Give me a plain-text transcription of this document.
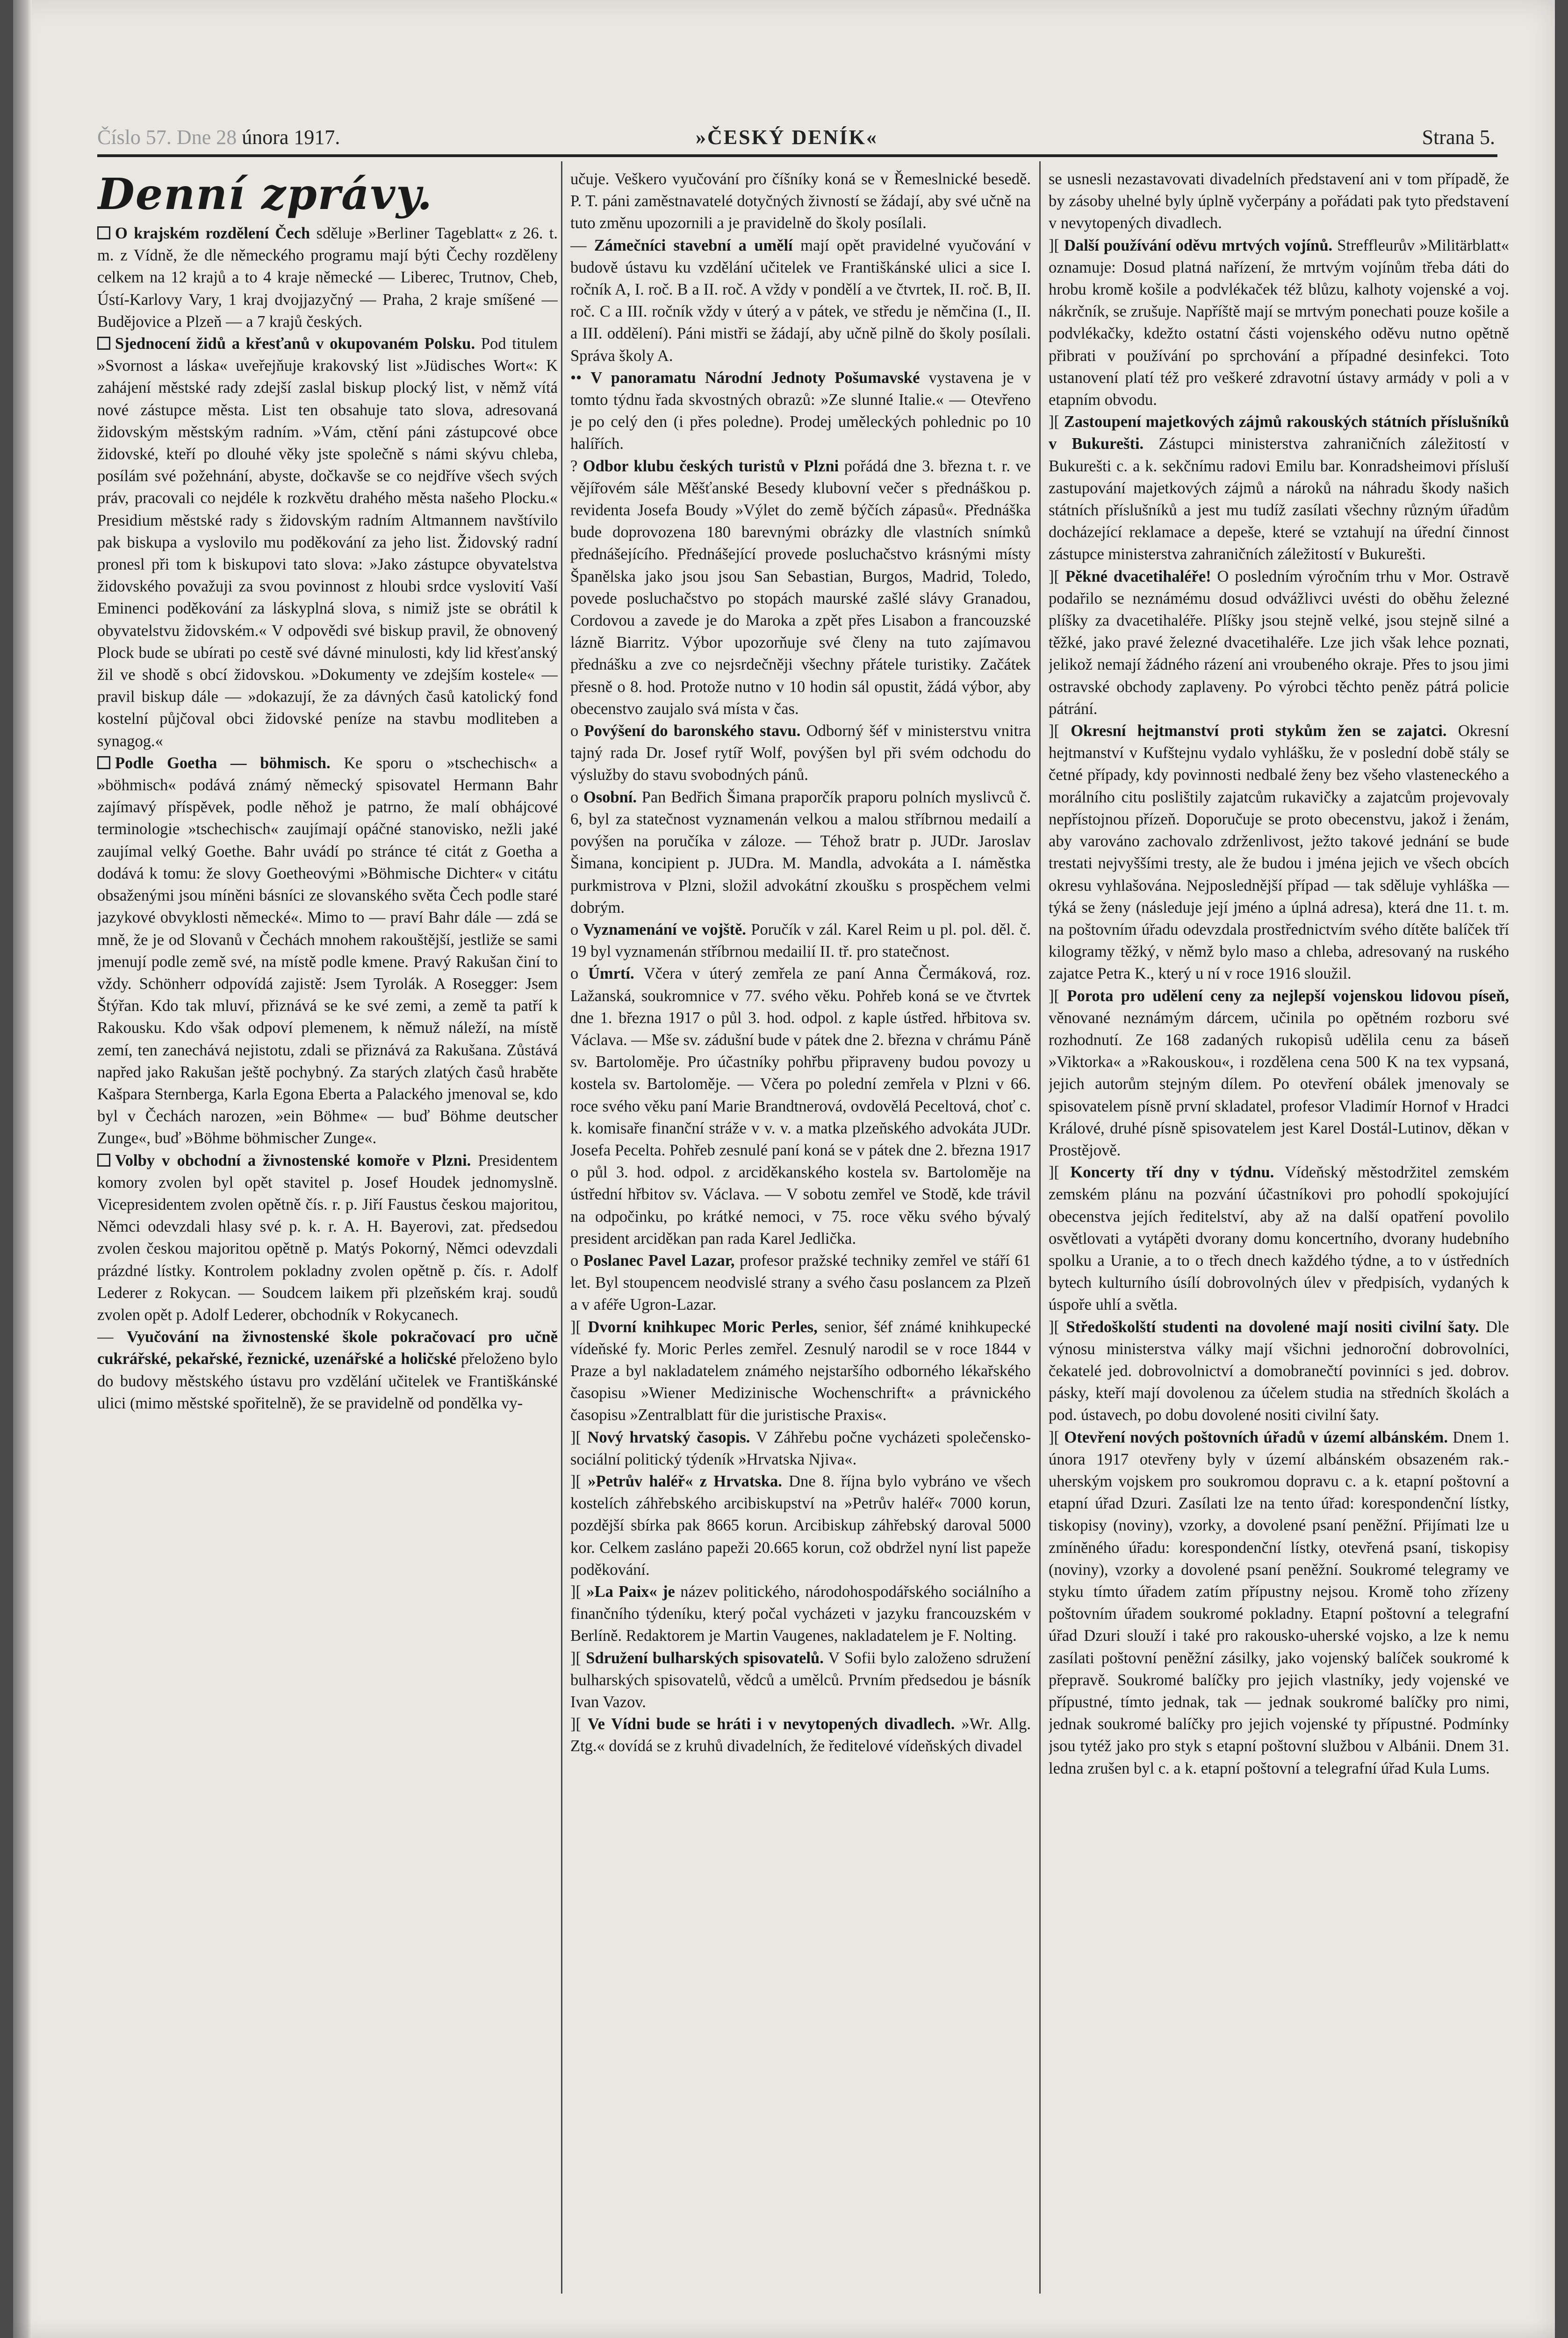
Číslo 57. Dne 28 února 1917.	»ČESKÝ DENÍK«	Strana 5.
Denní zprávy.

O krajském rozdělení Čech sděluje »Berliner Tageblatt« z 26. t. m. z Vídně, že dle německého programu mají býti Čechy rozděleny celkem na 12 krajů a to 4 kraje německé — Liberec, Trutnov, Cheb, Ústí-Karlovy Vary, 1 kraj dvojjazyčný — Praha, 2 kraje smíšené — Budějovice a Plzeň — a 7 krajů českých.

Sjednocení židů a křesťanů v okupovaném Polsku. Pod titulem »Svornost a láska« uveřejňuje krakovský list »Jüdisches Wort«: K zahájení městské rady zdejší zaslal biskup plocký list, v němž vítá nové zástupce města. List ten obsahuje tato slova, adresovaná židovským městským radním. »Vám, ctění páni zástupcové obce židovské, kteří po dlouhé věky jste společně s námi skývu chleba, posílám své požehnání, abyste, dočkavše se co nejdříve všech svých práv, pracovali co nejdéle k rozkvětu drahého města našeho Plocku.« Presidium městské rady s židovským radním Altmannem navštívilo pak biskupa a vyslovilo mu poděkování za jeho list. Židovský radní pronesl při tom k biskupovi tato slova: »Jako zástupce obyvatelstva židovského považuji za svou povinnost z hloubi srdce vyslovití Vaší Eminenci poděkování za láskyplná slova, s nimiž jste se obrátil k obyvatelstvu židovském.« V odpovědi své biskup pravil, že obnovený Plock bude se ubírati po cestě své dávné minulosti, kdy lid křesťanský žil ve shodě s obcí židovskou. »Dokumenty ve zdejším kostele« — pravil biskup dále — »dokazují, že za dávných časů katolický fond kostelní půjčoval obci židovské peníze na stavbu modliteben a synagog.«

Podle Goetha — böhmisch. Ke sporu o »tschechisch« a »böhmisch« podává známý německý spisovatel Hermann Bahr zajímavý příspěvek, podle něhož je patrno, že malí obhájcové terminologie »tschechisch« zaujímají opáčné stanovisko, nežli jaké zaujímal velký Goethe. Bahr uvádí po stránce té citát z Goetha a dodává k tomu: že slovy Goetheovými »Böhmische Dichter« v citátu obsaženými jsou míněni básníci ze slovanského světa Čech podle staré jazykové obvyklosti německé«. Mimo to — praví Bahr dále — zdá se mně, že je od Slovanů v Čechách mnohem rakouštější, jestliže se sami jmenují podle země své, na místě podle kmene. Pravý Rakušan činí to vždy. Schönherr odpovídá zajistě: Jsem Tyrolák. A Rosegger: Jsem Štýřan. Kdo tak mluví, přiznává se ke své zemi, a země ta patří k Rakousku. Kdo však odpoví plemenem, k němuž náleží, na místě zemí, ten zanechává nejistotu, zdali se přiznává za Rakušana. Zůstává napřed jako Rakušan ještě pochybný. Za starých zlatých časů hraběte Kašpara Sternberga, Karla Egona Eberta a Palackého jmenoval se, kdo byl v Čechách narozen, »ein Böhme« — buď Böhme deutscher Zunge«, buď »Böhme böhmischer Zunge«.

Volby v obchodní a živnostenské komoře v Plzni. Presidentem komory zvolen byl opět stavitel p. Josef Houdek jednomyslně. Vicepresidentem zvolen opětně čís. r. p. Jiří Faustus českou majoritou, Němci odevzdali hlasy své p. k. r. A. H. Bayerovi, zat. předsedou zvolen českou majoritou opětně p. Matýs Pokorný, Němci odevzdali prázdné lístky. Kontrolem pokladny zvolen opětně p. čís. r. Adolf Lederer z Rokycan. — Soudcem laikem při plzeňském kraj. soudů zvolen opět p. Adolf Lederer, obchodník v Rokycanech.

— Vyučování na živnostenské škole pokračovací pro učně cukrářské, pekařské, řeznické, uzenářské a holičské přeloženo bylo do budovy městského ústavu pro vzdělání učitelek ve Františkánské ulici (mimo městské spořitelně), že se pravidelně od pondělka vy-

učuje. Veškero vyučování pro číšníky koná se v Řemeslnické besedě. P. T. páni zaměstnavatelé dotyčných živností se žádají, aby své učně na tuto změnu upozornili a je pravidelně do školy posílali.

— Zámečníci stavební a umělí mají opět pravidelné vyučování v budově ústavu ku vzdělání učitelek ve Františkánské ulici a sice I. ročník A, I. roč. B a II. roč. A vždy v pondělí a ve čtvrtek, II. roč. B, II. roč. C a III. ročník vždy v úterý a v pátek, ve středu je němčina (I., II. a III. oddělení). Páni mistři se žádají, aby učně pilně do školy posílali. Správa školy A.

•• V panoramatu Národní Jednoty Pošumavské vystavena je v tomto týdnu řada skvostných obrazů: »Ze slunné Italie.« — Otevřeno je po celý den (i přes poledne). Prodej uměleckých pohlednic po 10 halířích.

? Odbor klubu českých turistů v Plzni pořádá dne 3. března t. r. ve vějířovém sále Měšťanské Besedy klubovní večer s přednáškou p. revidenta Josefa Boudy »Výlet do země býčích zápasů«. Přednáška bude doprovozena 180 barevnými obrázky dle vlastních snímků přednášejícího. Přednášející provede posluchačstvo krásnými místy Španělska jako jsou jsou San Sebastian, Burgos, Madrid, Toledo, povede posluchačstvo po stopách maurské zašlé slávy Granadou, Cordovou a zavede je do Maroka a zpět přes Lisabon a francouzské lázně Biarritz. Výbor upozorňuje své členy na tuto zajímavou přednášku a zve co nejsrdečněji všechny přátele turistiky. Začátek přesně o 8. hod. Protože nutno v 10 hodin sál opustit, žádá výbor, aby obecenstvo zaujalo svá místa v čas.

o Povýšení do baronského stavu. Odborný šéf v ministerstvu vnitra tajný rada Dr. Josef rytíř Wolf, povýšen byl při svém odchodu do výslužby do stavu svobodných pánů.

o Osobní. Pan Bedřich Šimana praporčík praporu polních myslivců č. 6, byl za statečnost vyznamenán velkou a malou stříbrnou medailí a povýšen na poručíka v záloze. — Téhož bratr p. JUDr. Jaroslav Šimana, koncipient p. JUDra. M. Mandla, advokáta a I. náměstka purkmistrova v Plzni, složil advokátní zkoušku s prospěchem velmi dobrým.

o Vyznamenání ve vojště. Poručík v zál. Karel Reim u pl. pol. děl. č. 19 byl vyznamenán stříbrnou medailií II. tř. pro statečnost.

o Úmrtí. Včera v úterý zemřela ze paní Anna Čermáková, roz. Lažanská, soukromnice v 77. svého věku. Pohřeb koná se ve čtvrtek dne 1. března 1917 o půl 3. hod. odpol. z kaple ústřed. hřbitova sv. Václava. — Mše sv. zádušní bude v pátek dne 2. března v chrámu Páně sv. Bartoloměje. Pro účastníky pohřbu připraveny budou povozy u kostela sv. Bartoloměje. — Včera po polední zemřela v Plzni v 66. roce svého věku paní Marie Brandtnerová, ovdovělá Peceltová, choť c. k. komisaře finanční stráže v v. v. a matka plzeňského advokáta JUDr. Josefa Pecelta. Pohřeb zesnulé paní koná se v pátek dne 2. března 1917 o půl 3. hod. odpol. z arciděkanského kostela sv. Bartoloměje na ústřední hřbitov sv. Václava. — V sobotu zemřel ve Stodě, kde trávil na odpočinku, po krátké nemoci, v 75. roce věku svého bývalý president arciděkan pan rada Karel Jedlička.

o Poslanec Pavel Lazar, profesor pražské techniky zemřel ve stáří 61 let. Byl stoupencem neodvislé strany a svého času poslancem za Plzeň a v aféře Ugron-Lazar.

][ Dvorní knihkupec Moric Perles, senior, šéf známé knihkupecké vídeňské fy. Moric Perles zemřel. Zesnulý narodil se v roce 1844 v Praze a byl nakladatelem známého nejstaršího odborného lékařského časopisu »Wiener Medizinische Wochenschrift« a právnického časopisu »Zentralblatt für die juristische Praxis«.

][ Nový hrvatský časopis. V Záhřebu počne vycházeti společensko-sociální politický týdeník »Hrvatska Njiva«.

][ »Petrův haléř« z Hrvatska. Dne 8. října bylo vybráno ve všech kostelích záhřebského arcibiskupství na »Petrův haléř« 7000 korun, pozdější sbírka pak 8665 korun. Arcibiskup záhřebský daroval 5000 kor. Celkem zasláno papeži 20.665 korun, což obdržel nyní list papeže poděkování.

][ »La Paix« je název politického, národohospodářského sociálního a finančního týdeníku, který počal vycházeti v jazyku francouzském v Berlíně. Redaktorem je Martin Vaugenes, nakladatelem je F. Nolting.

][ Sdružení bulharských spisovatelů. V Sofii bylo založeno sdružení bulharských spisovatelů, vědců a umělců. Prvním předsedou je básník Ivan Vazov.

][ Ve Vídni bude se hráti i v nevytopených divadlech. »Wr. Allg. Ztg.« dovídá se z kruhů divadelních, že ředitelové vídeňských divadel

se usnesli nezastavovati divadelních představení ani v tom případě, že by zásoby uhelné byly úplně vyčerpány a pořádati pak tyto představení v nevytopených divadlech.

][ Další používání oděvu mrtvých vojínů. Streffleurův »Militärblatt« oznamuje: Dosud platná nařízení, že mrtvým vojínům třeba dáti do hrobu kromě košile a podvlékaček též blůzu, kalhoty vojenské a voj. nákrčník, se zrušuje. Napříště mají se mrtvým ponechati pouze košile a podvlékačky, kdežto ostatní části vojenského oděvu nutno opětně přibrati v používání po sprchování a případné desinfekci. Toto ustanovení platí též pro veškeré zdravotní ústavy armády v poli a v etapním obvodu.

][ Zastoupení majetkových zájmů rakouských státních příslušníků v Bukurešti. Zástupci ministerstva zahraničních záležitostí v Bukurešti c. a k. sekčnímu radovi Emilu bar. Konradsheimovi přísluší zastupování majetkových zájmů a nároků na náhradu škody našich státních příslušníků a jest mu tudíž zasílati všechny různým úřadům docházející reklamace a depeše, které se vztahují na úřední činnost zástupce ministerstva zahraničních záležitostí v Bukurešti.

][ Pěkné dvacetihaléře! O posledním výročním trhu v Mor. Ostravě podařilo se neznámému dosud odvážlivci uvésti do oběhu železné plíšky za dvacetihaléře. Plíšky jsou stejně velké, jsou stejně silné a těžké, jako pravé železné dvacetihaléře. Lze jich však lehce poznati, jelikož nemají žádného rázení ani vroubeného okraje. Přes to jsou jimi ostravské obchody zaplaveny. Po výrobci těchto peněz pátrá policie pátrání.

][ Okresní hejtmanství proti stykům žen se zajatci. Okresní hejtmanství v Kufštejnu vydalo vyhlášku, že v poslední době stály se četné případy, kdy povinnosti nedbalé ženy bez všeho vlasteneckého a morálního citu poslištily zajatcům rukavičky a zajatcům projevovaly nepřístojnou přízeň. Doporučuje se proto obecenstvu, jakož i ženám, aby varováno zachovalo zdrženlivost, ježto takové jednání se bude trestati nejvyššími tresty, ale že budou i jména jejich ve všech obcích okresu vyhlašována. Nejposlednější případ — tak sděluje vyhláška — týká se ženy (následuje její jméno a úplná adresa), která dne 11. t. m. na poštovním úřadu odevzdala prostřednictvím svého dítěte balíček tří kilogramy těžký, v němž bylo maso a chleba, adresovaný na ruského zajatce Petra K., který u ní v roce 1916 sloužil.

][ Porota pro udělení ceny za nejlepší vojenskou lidovou píseň, věnované neznámým dárcem, učinila po opětném rozboru své rozhodnutí. Ze 168 zadaných rukopisů udělila cenu za báseň »Viktorka« a »Rakouskou«, i rozdělena cena 500 K na tex vypsaná, jejich autorům stejným dílem. Po otevření obálek jmenovaly se spisovatelem písně první skladatel, profesor Vladimír Hornof v Hradci Králové, druhé písně spisovatelem jest Karel Dostál-Lutinov, děkan v Prostějově.

][ Koncerty tří dny v týdnu. Vídeňský městodržitel zemském zemském plánu na pozvání účastníkovi pro pohodlí spokojující obecenstva jejích ředitelství, aby až na další opatření povolilo osvětlovati a vytápěti dvorany domu koncertního, dvorany hudebního spolku a Uranie, a to o třech dnech každého týdne, a to v ústředních bytech kulturního úsílí dobrovolných úlev v předpisích, vydaných k úspoře uhlí a světla.

][ Středoškolští studenti na dovolené mají nositi civilní šaty. Dle výnosu ministerstva války mají všichni jednoroční dobrovolníci, čekatelé jed. dobrovolnictví a domobranečtí povinníci s jed. dobrov. pásky, kteří mají dovolenou za účelem studia na středních školách a pod. ústavech, po dobu dovolené nositi civilní šaty.

][ Otevření nových poštovních úřadů v území albánském. Dnem 1. února 1917 otevřeny byly v území albánském obsazeném rak.-uherským vojskem pro soukromou dopravu c. a k. etapní poštovní a etapní úřad Dzuri. Zasílati lze na tento úřad: korespondenční lístky, tiskopisy (noviny), vzorky, a dovolené psaní peněžní. Přijímati lze u zmíněného úřadu: korespondenční lístky, otevřená psaní, tiskopisy (noviny), vzorky a dovolené psaní peněžní. Soukromé telegramy ve styku tímto úřadem zatím přípustny nejsou. Kromě toho zřízeny poštovním úřadem soukromé pokladny. Etapní poštovní a telegrafní úřad Dzuri slouží i také pro rakousko-uherské vojsko, a lze k nemu zasílati poštovní peněžní zásilky, jako vojenský balíček soukromé k přepravě. Soukromé balíčky pro jejich vlastníky, jedy vojenské ve přípustné, tímto jednak, tak — jednak soukromé balíčky pro nimi, jednak soukromé balíčky pro jejich vojenské ty přípustné. Podmínky jsou tytéž jako pro styk s etapní poštovní službou v Albánii. Dnem 31. ledna zrušen byl c. a k. etapní poštovní a telegrafní úřad Kula Lums.
